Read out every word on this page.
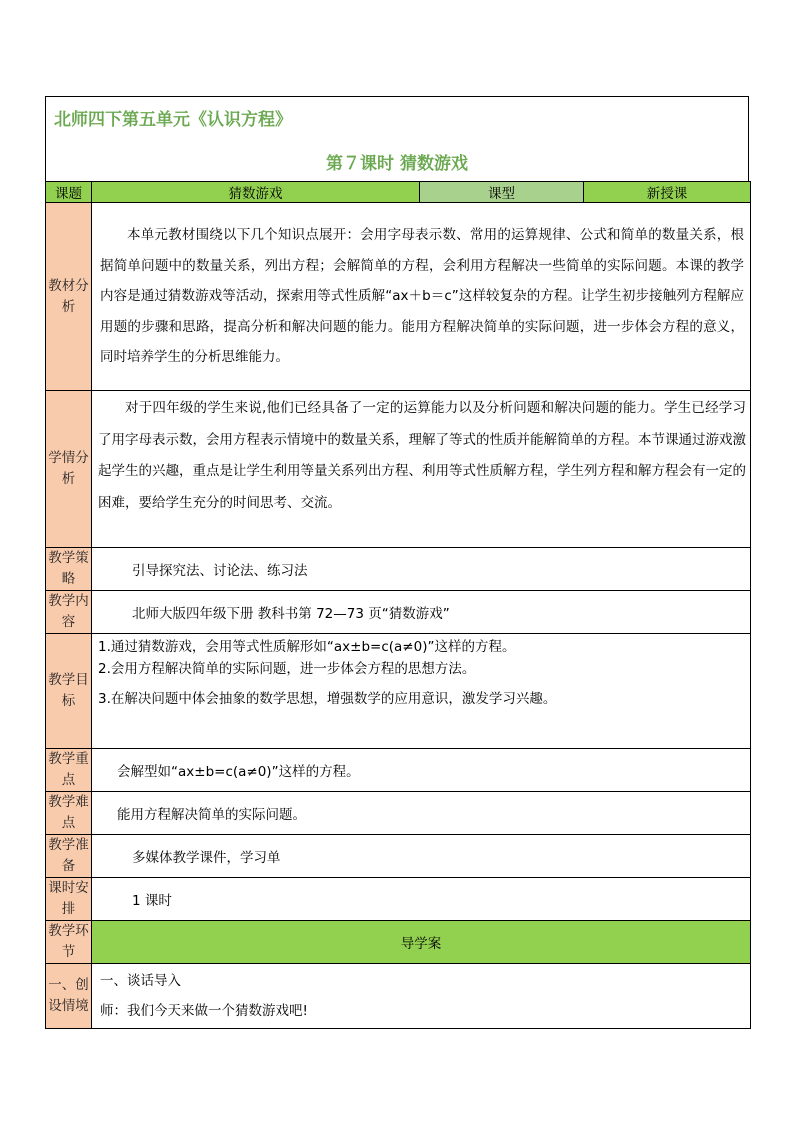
北师四下第五单元《认识方程》
第７课时 猜数游戏
课题	猜数游戏	课型	新授课
教材分析	本单元教材围绕以下几个知识点展开：会用字母表示数、常用的运算规律、公式和简单的数量关系，根据简单问题中的数量关系，列出方程；会解简单的方程，会利用方程解决一些简单的实际问题。本课的教学内容是通过猜数游戏等活动，探索用等式性质解“ax＋b＝c”这样较复杂的方程。让学生初步接触列方程解应用题的步骤和思路，提高分析和解决问题的能力。能用方程解决简单的实际问题，进一步体会方程的意义，同时培养学生的分析思维能力。		
学情分析	对于四年级的学生来说,他们已经具备了一定的运算能力以及分析问题和解决问题的能力。学生已经学习了用字母表示数，会用方程表示情境中的数量关系，理解了等式的性质并能解简单的方程。本节课通过游戏激起学生的兴趣，重点是让学生利用等量关系列出方程、利用等式性质解方程，学生列方程和解方程会有一定的困难，要给学生充分的时间思考、交流。		
教学策略	引导探究法、讨论法、练习法		
教学内容	北师大版四年级下册 教科书第 72—73 页“猜数游戏”		
教学目标	1.通过猜数游戏，会用等式性质解形如“ax±b=c(a≠0)”这样的方程。
2.会用方程解决简单的实际问题，进一步体会方程的思想方法。
3.在解决问题中体会抽象的数学思想，增强数学的应用意识，激发学习兴趣。		

教学重点	会解型如“ax±b=c(a≠0)”这样的方程。		
教学难点	能用方程解决简单的实际问题。		
教学准备	多媒体教学课件，学习单		
课时安排	1 课时		
教学环节	导学案		
一、创设情境	一、谈话导入
师：我们今天来做一个猜数游戏吧!		
